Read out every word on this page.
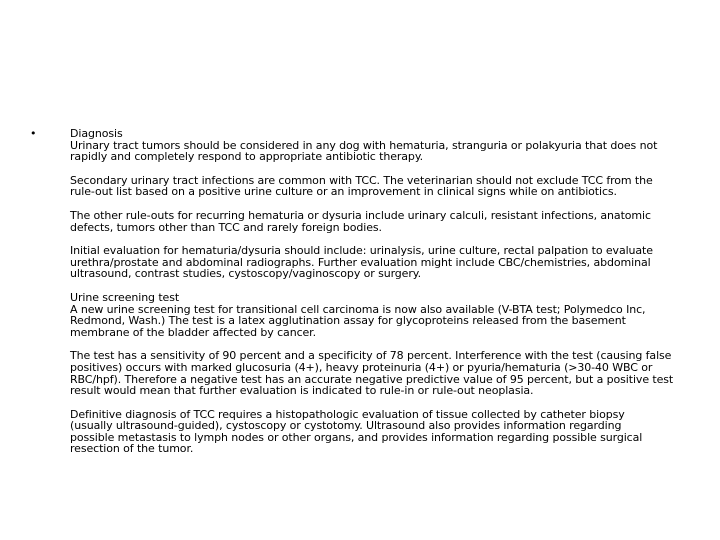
•	Diagnosis
Urinary tract tumors should be considered in any dog with hematuria, stranguria or polakyuria that does not
rapidly and completely respond to appropriate antibiotic therapy.
Secondary urinary tract infections are common with TCC. The veterinarian should not exclude TCC from the
rule-out list based on a positive urine culture or an improvement in clinical signs while on antibiotics.
The other rule-outs for recurring hematuria or dysuria include urinary calculi, resistant infections, anatomic
defects, tumors other than TCC and rarely foreign bodies.
Initial evaluation for hematuria/dysuria should include: urinalysis, urine culture, rectal palpation to evaluate
urethra/prostate and abdominal radiographs. Further evaluation might include CBC/chemistries, abdominal
ultrasound, contrast studies, cystoscopy/vaginoscopy or surgery.
Urine screening test
A new urine screening test for transitional cell carcinoma is now also available (V-BTA test; Polymedco Inc,
Redmond, Wash.) The test is a latex agglutination assay for glycoproteins released from the basement
membrane of the bladder affected by cancer.
The test has a sensitivity of 90 percent and a specificity of 78 percent. Interference with the test (causing false
positives) occurs with marked glucosuria (4+), heavy proteinuria (4+) or pyuria/hematuria (>30-40 WBC or
RBC/hpf). Therefore a negative test has an accurate negative predictive value of 95 percent, but a positive test
result would mean that further evaluation is indicated to rule-in or rule-out neoplasia.
Definitive diagnosis of TCC requires a histopathologic evaluation of tissue collected by catheter biopsy
(usually ultrasound-guided), cystoscopy or cystotomy. Ultrasound also provides information regarding
possible metastasis to lymph nodes or other organs, and provides information regarding possible surgical
resection of the tumor.
